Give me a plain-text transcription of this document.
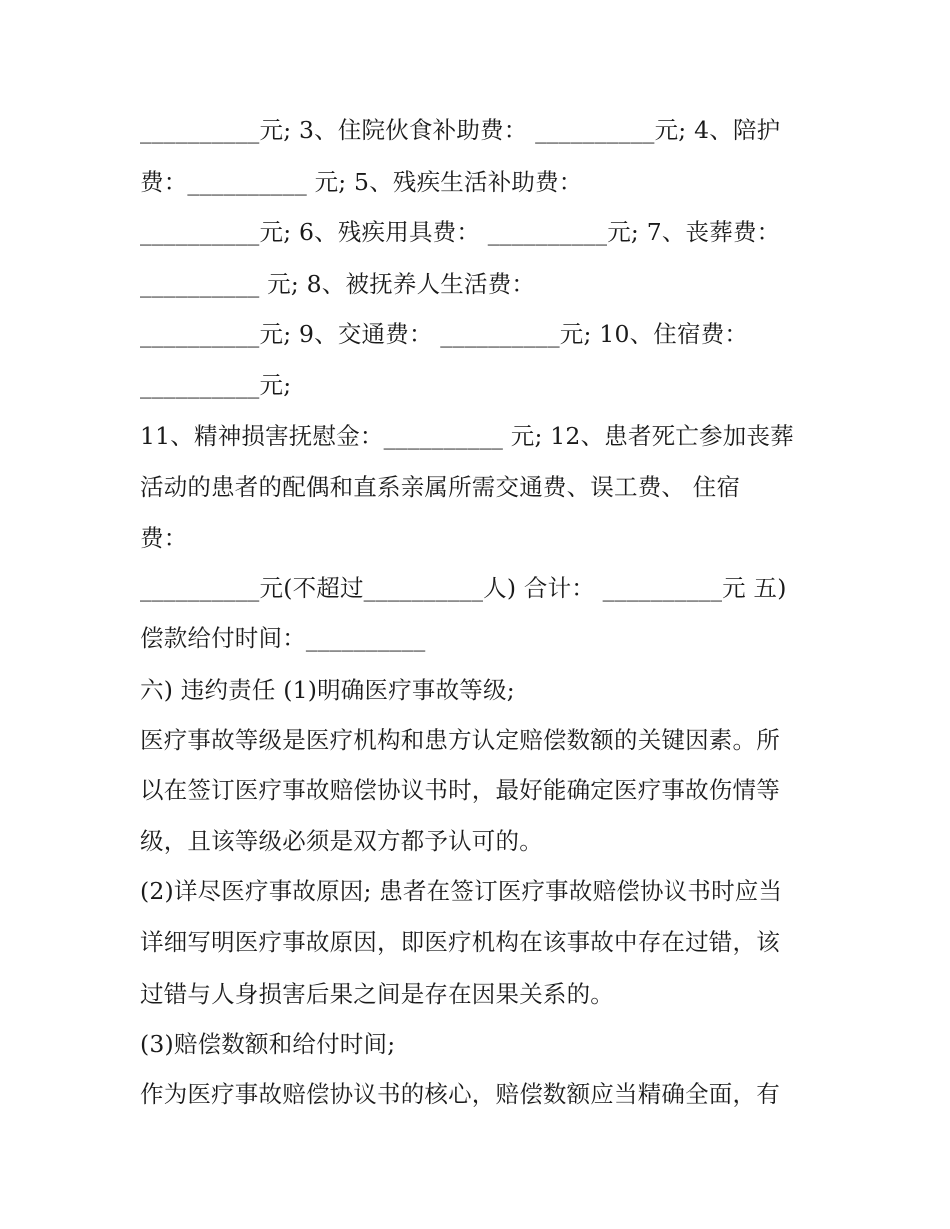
__________元; 3、住院伙食补助费： __________元; 4、陪护
费：__________ 元; 5、残疾生活补助费：
__________元; 6、残疾用具费： __________元; 7、丧葬费：
__________ 元; 8、被抚养人生活费：
__________元; 9、交通费： __________元; 10、住宿费：
__________元;
11、精神损害抚慰金：__________ 元; 12、患者死亡参加丧葬
活动的患者的配偶和直系亲属所需交通费、误工费、 住宿
费：
__________元(不超过__________人) 合计： __________元 五)
偿款给付时间：__________
六) 违约责任 (1)明确医疗事故等级;
医疗事故等级是医疗机构和患方认定赔偿数额的关键因素。所
以在签订医疗事故赔偿协议书时，最好能确定医疗事故伤情等
级，且该等级必须是双方都予认可的。
(2)详尽医疗事故原因; 患者在签订医疗事故赔偿协议书时应当
详细写明医疗事故原因，即医疗机构在该事故中存在过错，该
过错与人身损害后果之间是存在因果关系的。
(3)赔偿数额和给付时间;
作为医疗事故赔偿协议书的核心，赔偿数额应当精确全面，有
